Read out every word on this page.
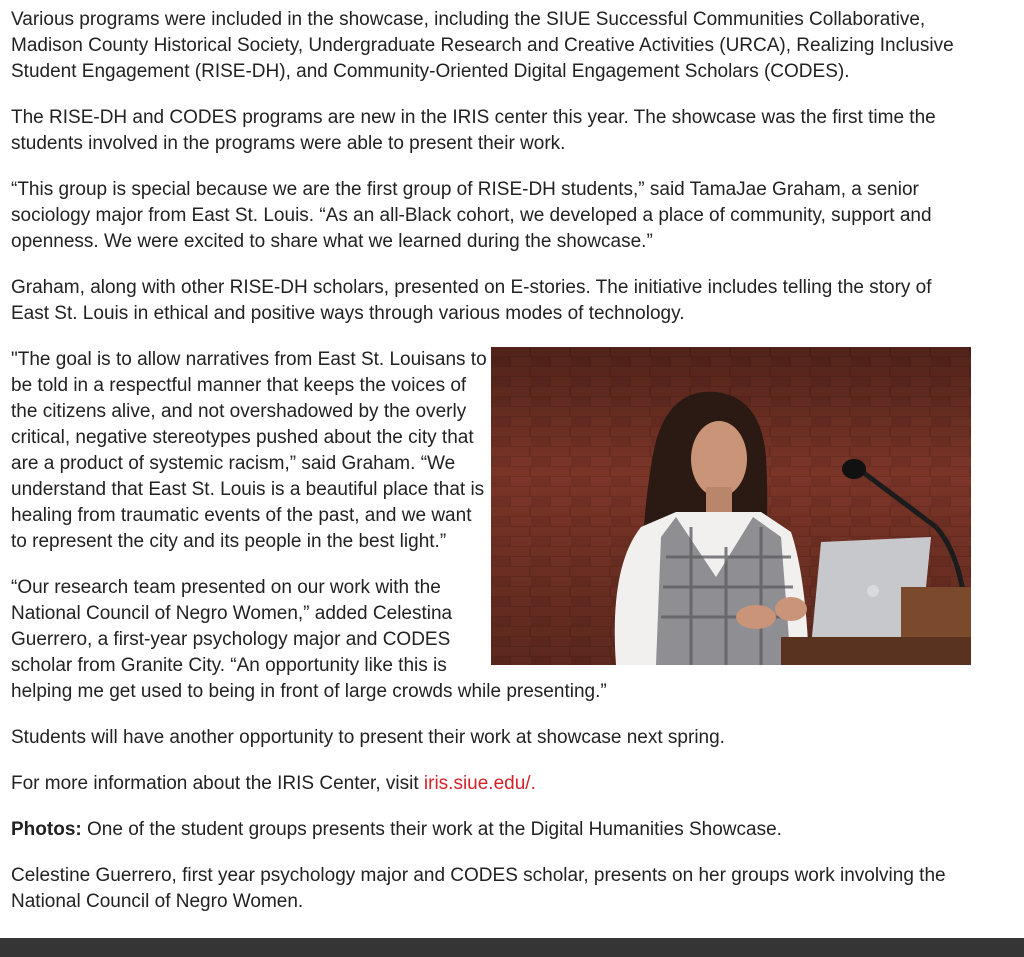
Various programs were included in the showcase, including the SIUE Successful Communities Collaborative, Madison County Historical Society, Undergraduate Research and Creative Activities (URCA), Realizing Inclusive Student Engagement (RISE-DH), and Community-Oriented Digital Engagement Scholars (CODES).

The RISE-DH and CODES programs are new in the IRIS center this year. The showcase was the first time the students involved in the programs were able to present their work.

“This group is special because we are the first group of RISE-DH students,” said TamaJae Graham, a senior sociology major from East St. Louis. “As an all-Black cohort, we developed a place of community, support and openness. We were excited to share what we learned during the showcase.”

Graham, along with other RISE-DH scholars, presented on E-stories. The initiative includes telling the story of East St. Louis in ethical and positive ways through various modes of technology.

"The goal is to allow narratives from East St. Louisans to be told in a respectful manner that keeps the voices of the citizens alive, and not overshadowed by the overly critical, negative stereotypes pushed about the city that are a product of systemic racism,” said Graham. “We understand that East St. Louis is a beautiful place that is healing from traumatic events of the past, and we want to represent the city and its people in the best light.”

“Our research team presented on our work with the National Council of Negro Women,” added Celestina Guerrero, a first-year psychology major and CODES scholar from Granite City. “An opportunity like this is helping me get used to being in front of large crowds while presenting.”

Students will have another opportunity to present their work at showcase next spring.

For more information about the IRIS Center, visit iris.siue.edu/.

Photos: One of the student groups presents their work at the Digital Humanities Showcase.

Celestine Guerrero, first year psychology major and CODES scholar, presents on her groups work involving the National Council of Negro Women.
